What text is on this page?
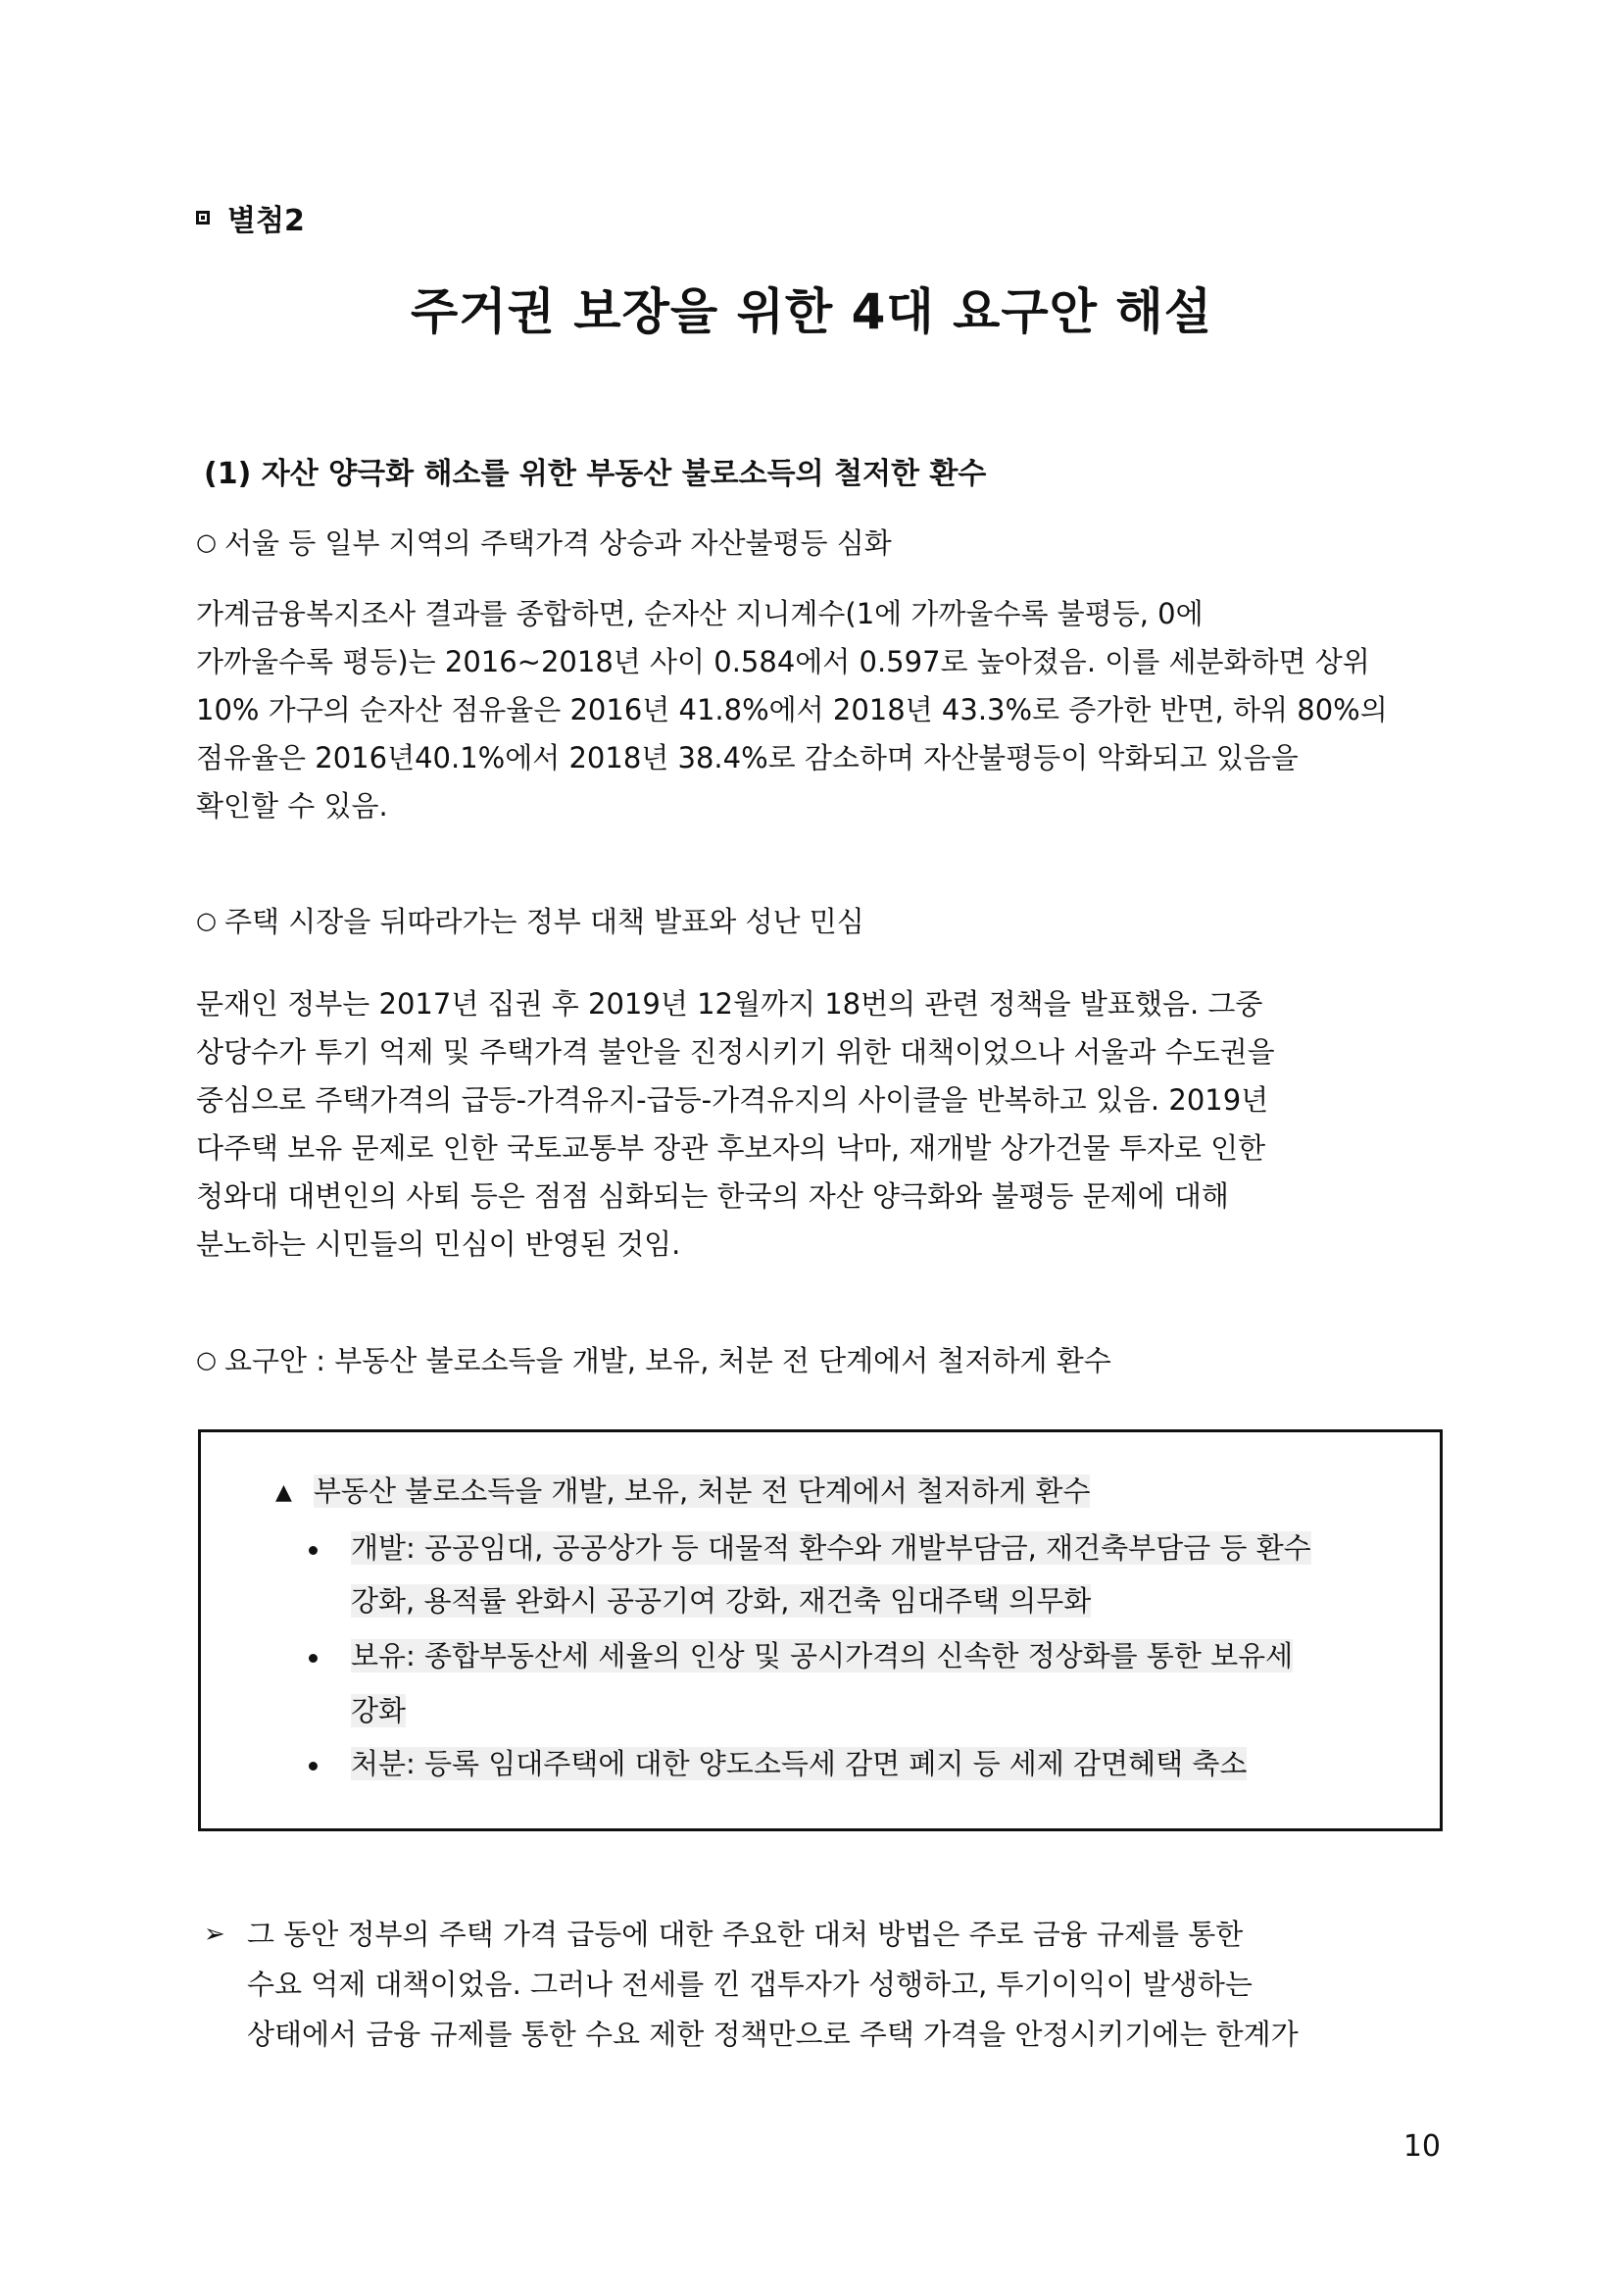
별첨2
주거권 보장을 위한 4대 요구안 해설
(1) 자산 양극화 해소를 위한 부동산 불로소득의 철저한 환수
○ 서울 등 일부 지역의 주택가격 상승과 자산불평등 심화
가계금융복지조사 결과를 종합하면, 순자산 지니계수(1에 가까울수록 불평등, 0에
가까울수록 평등)는 2016~2018년 사이 0.584에서 0.597로 높아졌음. 이를 세분화하면 상위
10% 가구의 순자산 점유율은 2016년 41.8%에서 2018년 43.3%로 증가한 반면, 하위 80%의
점유율은 2016년40.1%에서 2018년 38.4%로 감소하며 자산불평등이 악화되고 있음을
확인할 수 있음.
○ 주택 시장을 뒤따라가는 정부 대책 발표와 성난 민심
문재인 정부는 2017년 집권 후 2019년 12월까지 18번의 관련 정책을 발표했음. 그중
상당수가 투기 억제 및 주택가격 불안을 진정시키기 위한 대책이었으나 서울과 수도권을
중심으로 주택가격의 급등-가격유지-급등-가격유지의 사이클을 반복하고 있음. 2019년
다주택 보유 문제로 인한 국토교통부 장관 후보자의 낙마, 재개발 상가건물 투자로 인한
청와대 대변인의 사퇴 등은 점점 심화되는 한국의 자산 양극화와 불평등 문제에 대해
분노하는 시민들의 민심이 반영된 것임.
○ 요구안 : 부동산 불로소득을 개발, 보유, 처분 전 단계에서 철저하게 환수
▲ 부동산 불로소득을 개발, 보유, 처분 전 단계에서 철저하게 환수
개발: 공공임대, 공공상가 등 대물적 환수와 개발부담금, 재건축부담금 등 환수
강화, 용적률 완화시 공공기여 강화, 재건축 임대주택 의무화
보유: 종합부동산세 세율의 인상 및 공시가격의 신속한 정상화를 통한 보유세
강화
처분: 등록 임대주택에 대한 양도소득세 감면 폐지 등 세제 감면혜택 축소
➢ 그 동안 정부의 주택 가격 급등에 대한 주요한 대처 방법은 주로 금융 규제를 통한
수요 억제 대책이었음. 그러나 전세를 낀 갭투자가 성행하고, 투기이익이 발생하는
상태에서 금융 규제를 통한 수요 제한 정책만으로 주택 가격을 안정시키기에는 한계가
10
